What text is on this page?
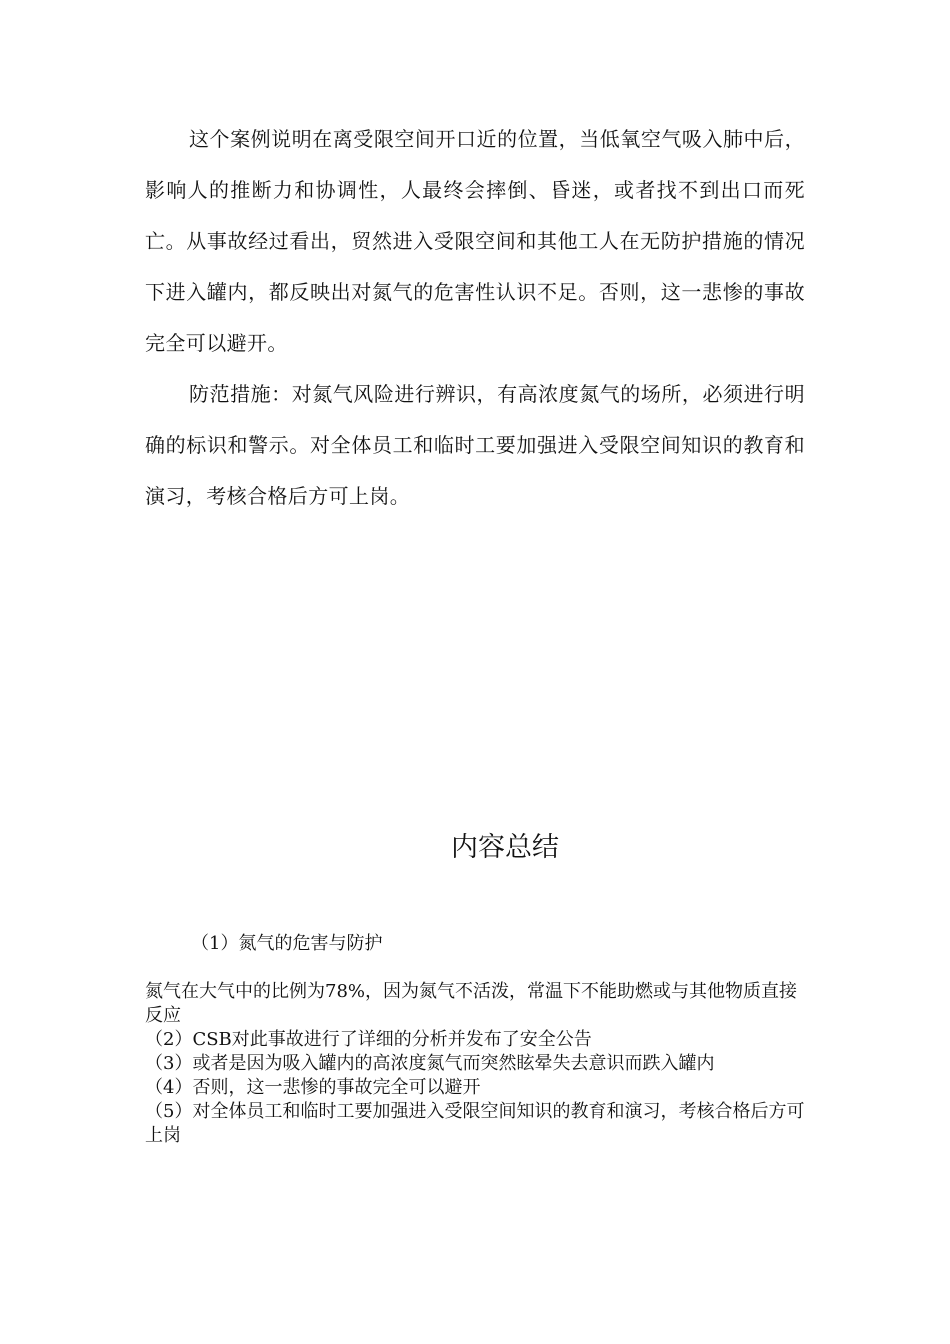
这个案例说明在离受限空间开口近的位置，当低氧空气吸入肺中后，影响人的推断力和协调性，人最终会摔倒、昏迷，或者找不到出口而死亡。从事故经过看出，贸然进入受限空间和其他工人在无防护措施的情况下进入罐内，都反映出对氮气的危害性认识不足。否则，这一悲惨的事故完全可以避开。

防范措施：对氮气风险进行辨识，有高浓度氮气的场所，必须进行明确的标识和警示。对全体员工和临时工要加强进入受限空间知识的教育和演习，考核合格后方可上岗。

内容总结

（1）氮气的危害与防护

氮气在大气中的比例为78%，因为氮气不活泼，常温下不能助燃或与其他物质直接反应
（2）CSB对此事故进行了详细的分析并发布了安全公告
（3）或者是因为吸入罐内的高浓度氮气而突然眩晕失去意识而跌入罐内
（4）否则，这一悲惨的事故完全可以避开
（5）对全体员工和临时工要加强进入受限空间知识的教育和演习，考核合格后方可上岗
